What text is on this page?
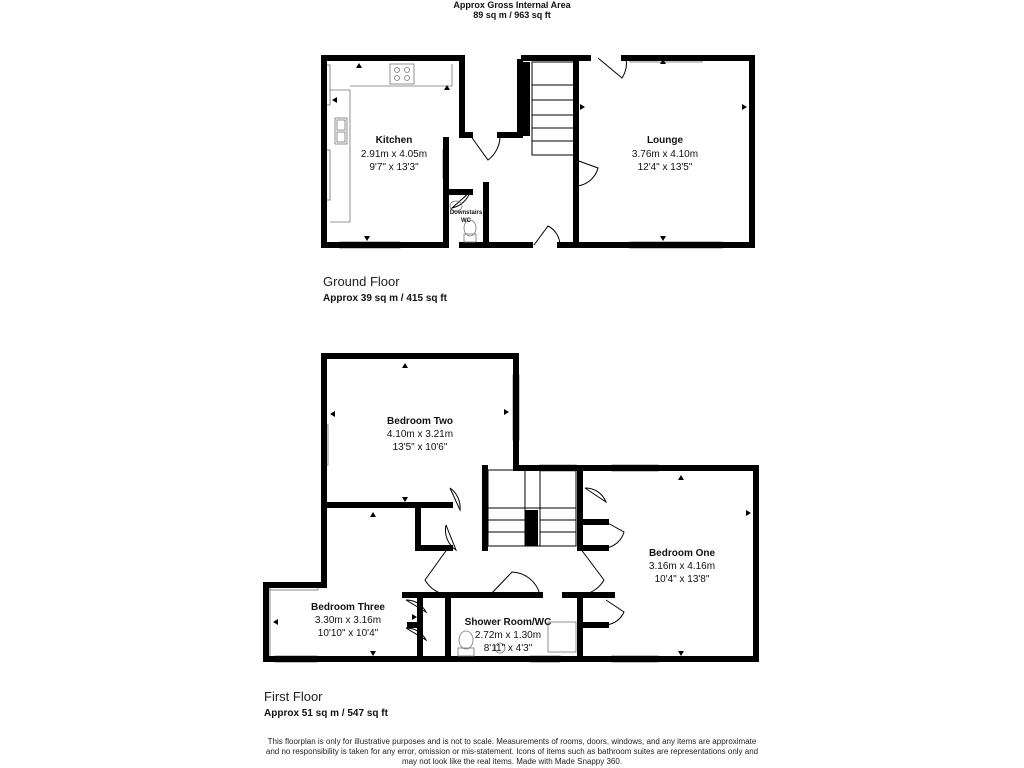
Approx Gross Internal Area
89 sq m / 963 sq ft
Kitchen
2.91m x 4.05m
9'7" x 13'3"
Lounge
3.76m x 4.10m
12'4" x 13'5"
Downstairs
WC
Bedroom Two
4.10m x 3.21m
13'5" x 10'6"
Bedroom One
3.16m x 4.16m
10'4" x 13'8"
Bedroom Three
3.30m x 3.16m
10'10" x 10'4"
Shower Room/WC
2.72m x 1.30m
8'11" x 4'3"
Ground Floor
Approx 39 sq m / 415 sq ft
First Floor
Approx 51 sq m / 547 sq ft
This floorplan is only for illustrative purposes and is not to scale. Measurements of rooms, doors, windows, and any items are approximate
and no responsibility is taken for any error, omission or mis-statement. Icons of items such as bathroom suites are representations only and
may not look like the real items. Made with Made Snappy 360.
